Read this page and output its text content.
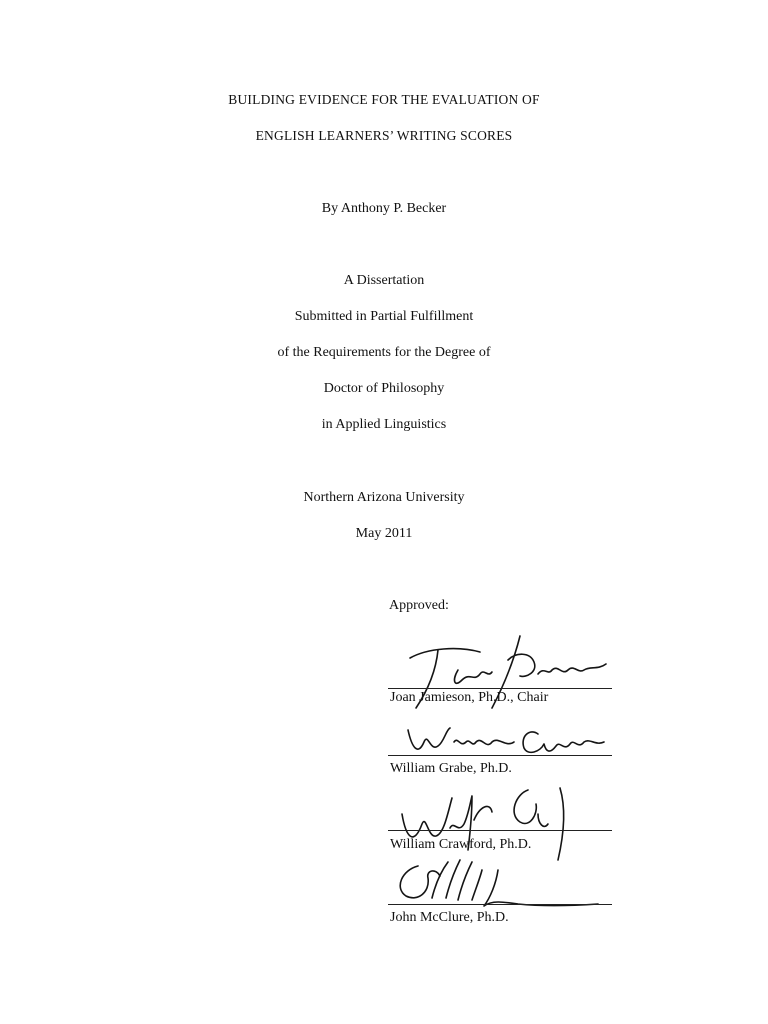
BUILDING EVIDENCE FOR THE EVALUATION OF
ENGLISH LEARNERS’ WRITING SCORES
By Anthony P. Becker
A Dissertation
Submitted in Partial Fulfillment
of the Requirements for the Degree of
Doctor of Philosophy
in Applied Linguistics
Northern Arizona University
May 2011
Approved:
Joan Jamieson, Ph.D., Chair
William Grabe, Ph.D.
William Crawford, Ph.D.
John McClure, Ph.D.
